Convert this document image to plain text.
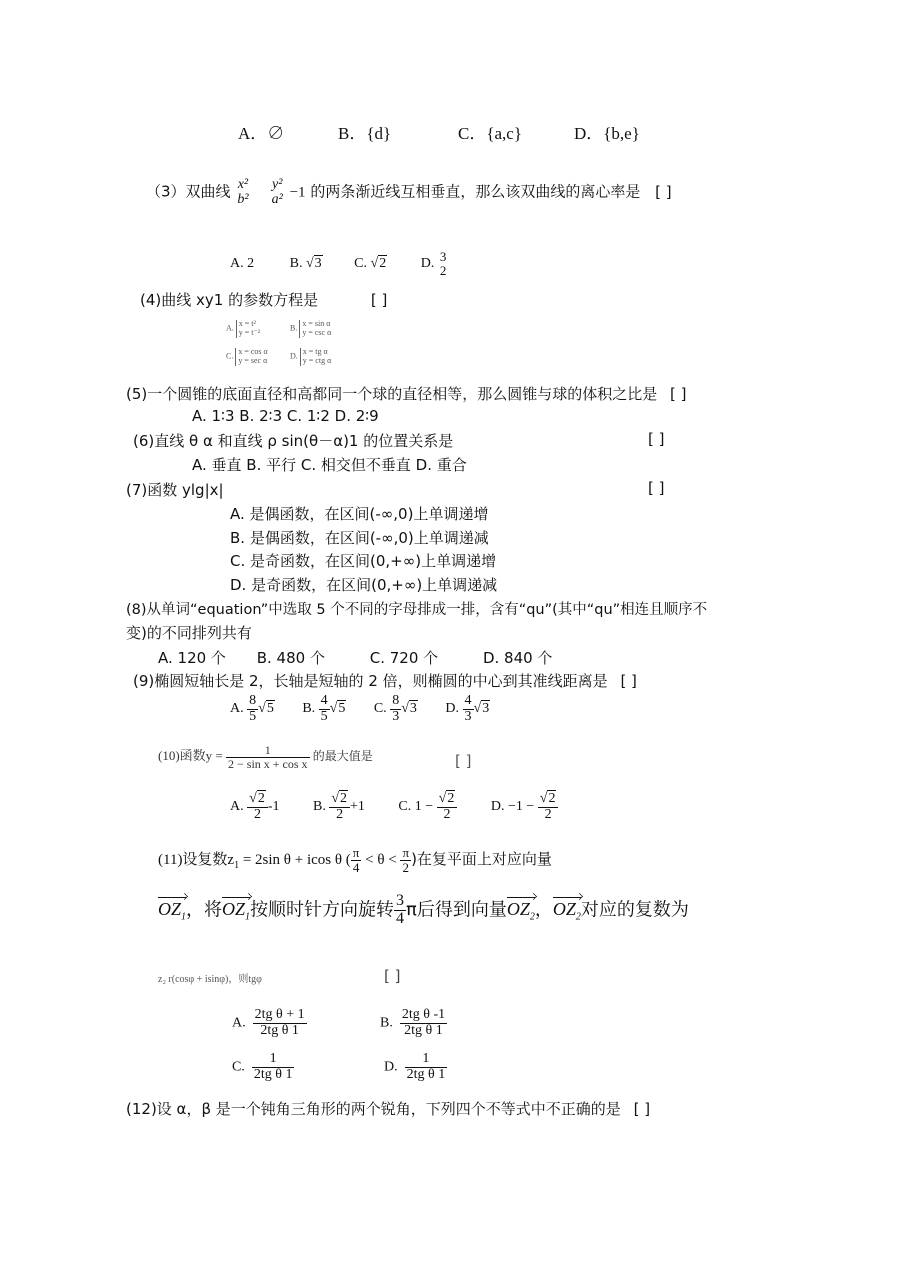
A．∅	B．{d}	C．{a,c}	D．{b,e}
（3）双曲线 x²
b²

y²
a² −1 的两条渐近线互相垂直，那么该双曲线的离心率是 [ ]
A. 2	B. √3 C. √2 D. 3
2
(4)曲线 xy1 的参数方程是	[ ]
A.
x = t²
y = t⁻²	B.
x = sin α
y = csc α
C.
x = cos α
y = sec α	D.
x = tg α
y = ctg α
(5)一个圆锥的底面直径和高都同一个球的直径相等，那么圆锥与球的体积之比是 [ ]
A. 1∶3 B. 2∶3 C. 1∶2 D. 2∶9
(6)直线 θ α 和直线 ρ sin(θ－α)1 的位置关系是	[ ]
A. 垂直 B. 平行 C. 相交但不垂直 D. 重合
(7)函数 ylg|x|	[ ]
A. 是偶函数，在区间(-∞,0)上单调递增
B. 是偶函数，在区间(-∞,0)上单调递减
C. 是奇函数，在区间(0,+∞)上单调递增
D. 是奇函数，在区间(0,+∞)上单调递减
(8)从单词“equation”中选取 5 个不同的字母排成一排，含有“qu”(其中“qu”相连且顺序不
变)的不同排列共有
A. 120 个 B. 480 个	C. 720 个	D. 840 个
(9)椭圆短轴长是 2，长轴是短轴的 2 倍，则椭圆的中心到其准线距离是 [ ]
A. $\frac{8}{5} √5$ B. $\frac{4}{5} √5$ C. $\frac{8}{3} √3$ D. $\frac{4}{3} √3$
(10)函数$y = \frac{1}{\text{2 − sin x + cos x}}$ 的最大值是	[ ]
A. $\frac{√2}{2} -1$ B. $\frac{√2}{2} +1$ C. $1 - \frac{√2}{2} D$. $-1 - \frac{√2}{2}$
(11)设复数$z_1 = 2\sin$ θ + icos θ ( $\frac{\pi}{4} < \theta < \frac{\pi}{2}$ )在复平面上对应向量
$OZ_1$，将$OZ_1$按顺时针方向旋转 $\frac{3}{4}$ π后得到向量$OZ_2$，$OZ_2$对应的复数为
z₂ r(cosφ + isinφ)，则tgφ	[ ]
A. $\frac{\text{2tg θ + 1}}{\text{2tg θ 1}}$	B. $\frac{\text{2tg θ -1}}{\text{2tg θ 1}}$
C. $\frac{1}{\text{2tg θ 1}}$	D. $\frac{1}{\text{2tg θ 1}}$
(12)设 α，β 是一个钝角三角形的两个锐角，下列四个不等式中不正确的是 [ ]
